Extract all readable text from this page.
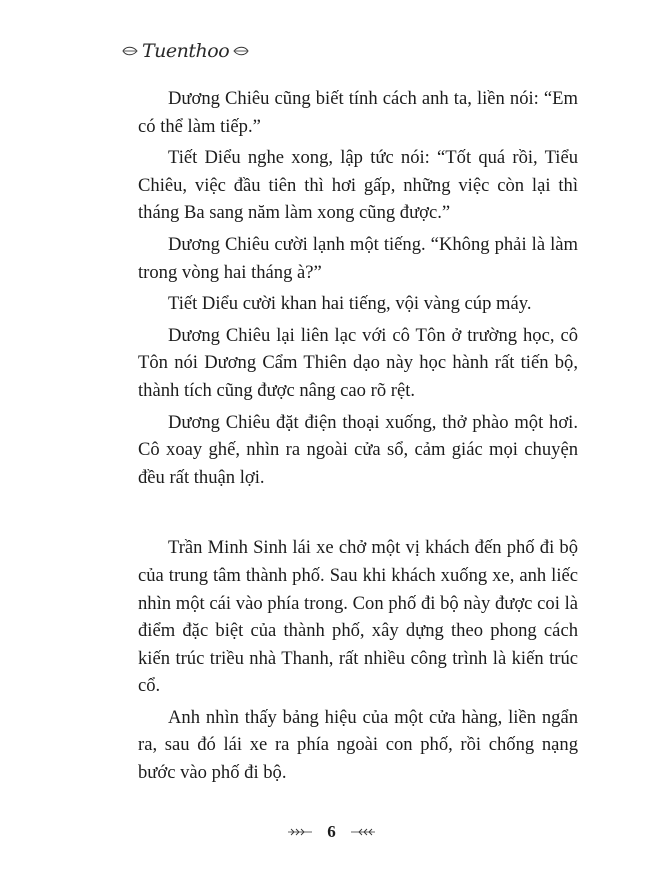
Tuenthoo

Dương Chiêu cũng biết tính cách anh ta, liền nói: “Em có thể làm tiếp.”

Tiết Diểu nghe xong, lập tức nói: “Tốt quá rồi, Tiểu Chiêu, việc đầu tiên thì hơi gấp, những việc còn lại thì tháng Ba sang năm làm xong cũng được.”

Dương Chiêu cười lạnh một tiếng. “Không phải là làm trong vòng hai tháng à?”

Tiết Diểu cười khan hai tiếng, vội vàng cúp máy.

Dương Chiêu lại liên lạc với cô Tôn ở trường học, cô Tôn nói Dương Cẩm Thiên dạo này học hành rất tiến bộ, thành tích cũng được nâng cao rõ rệt.

Dương Chiêu đặt điện thoại xuống, thở phào một hơi. Cô xoay ghế, nhìn ra ngoài cửa sổ, cảm giác mọi chuyện đều rất thuận lợi.

Trần Minh Sinh lái xe chở một vị khách đến phố đi bộ của trung tâm thành phố. Sau khi khách xuống xe, anh liếc nhìn một cái vào phía trong. Con phố đi bộ này được coi là điểm đặc biệt của thành phố, xây dựng theo phong cách kiến trúc triều nhà Thanh, rất nhiều công trình là kiến trúc cổ.

Anh nhìn thấy bảng hiệu của một cửa hàng, liền ngẩn ra, sau đó lái xe ra phía ngoài con phố, rồi chống nạng bước vào phố đi bộ.

6
